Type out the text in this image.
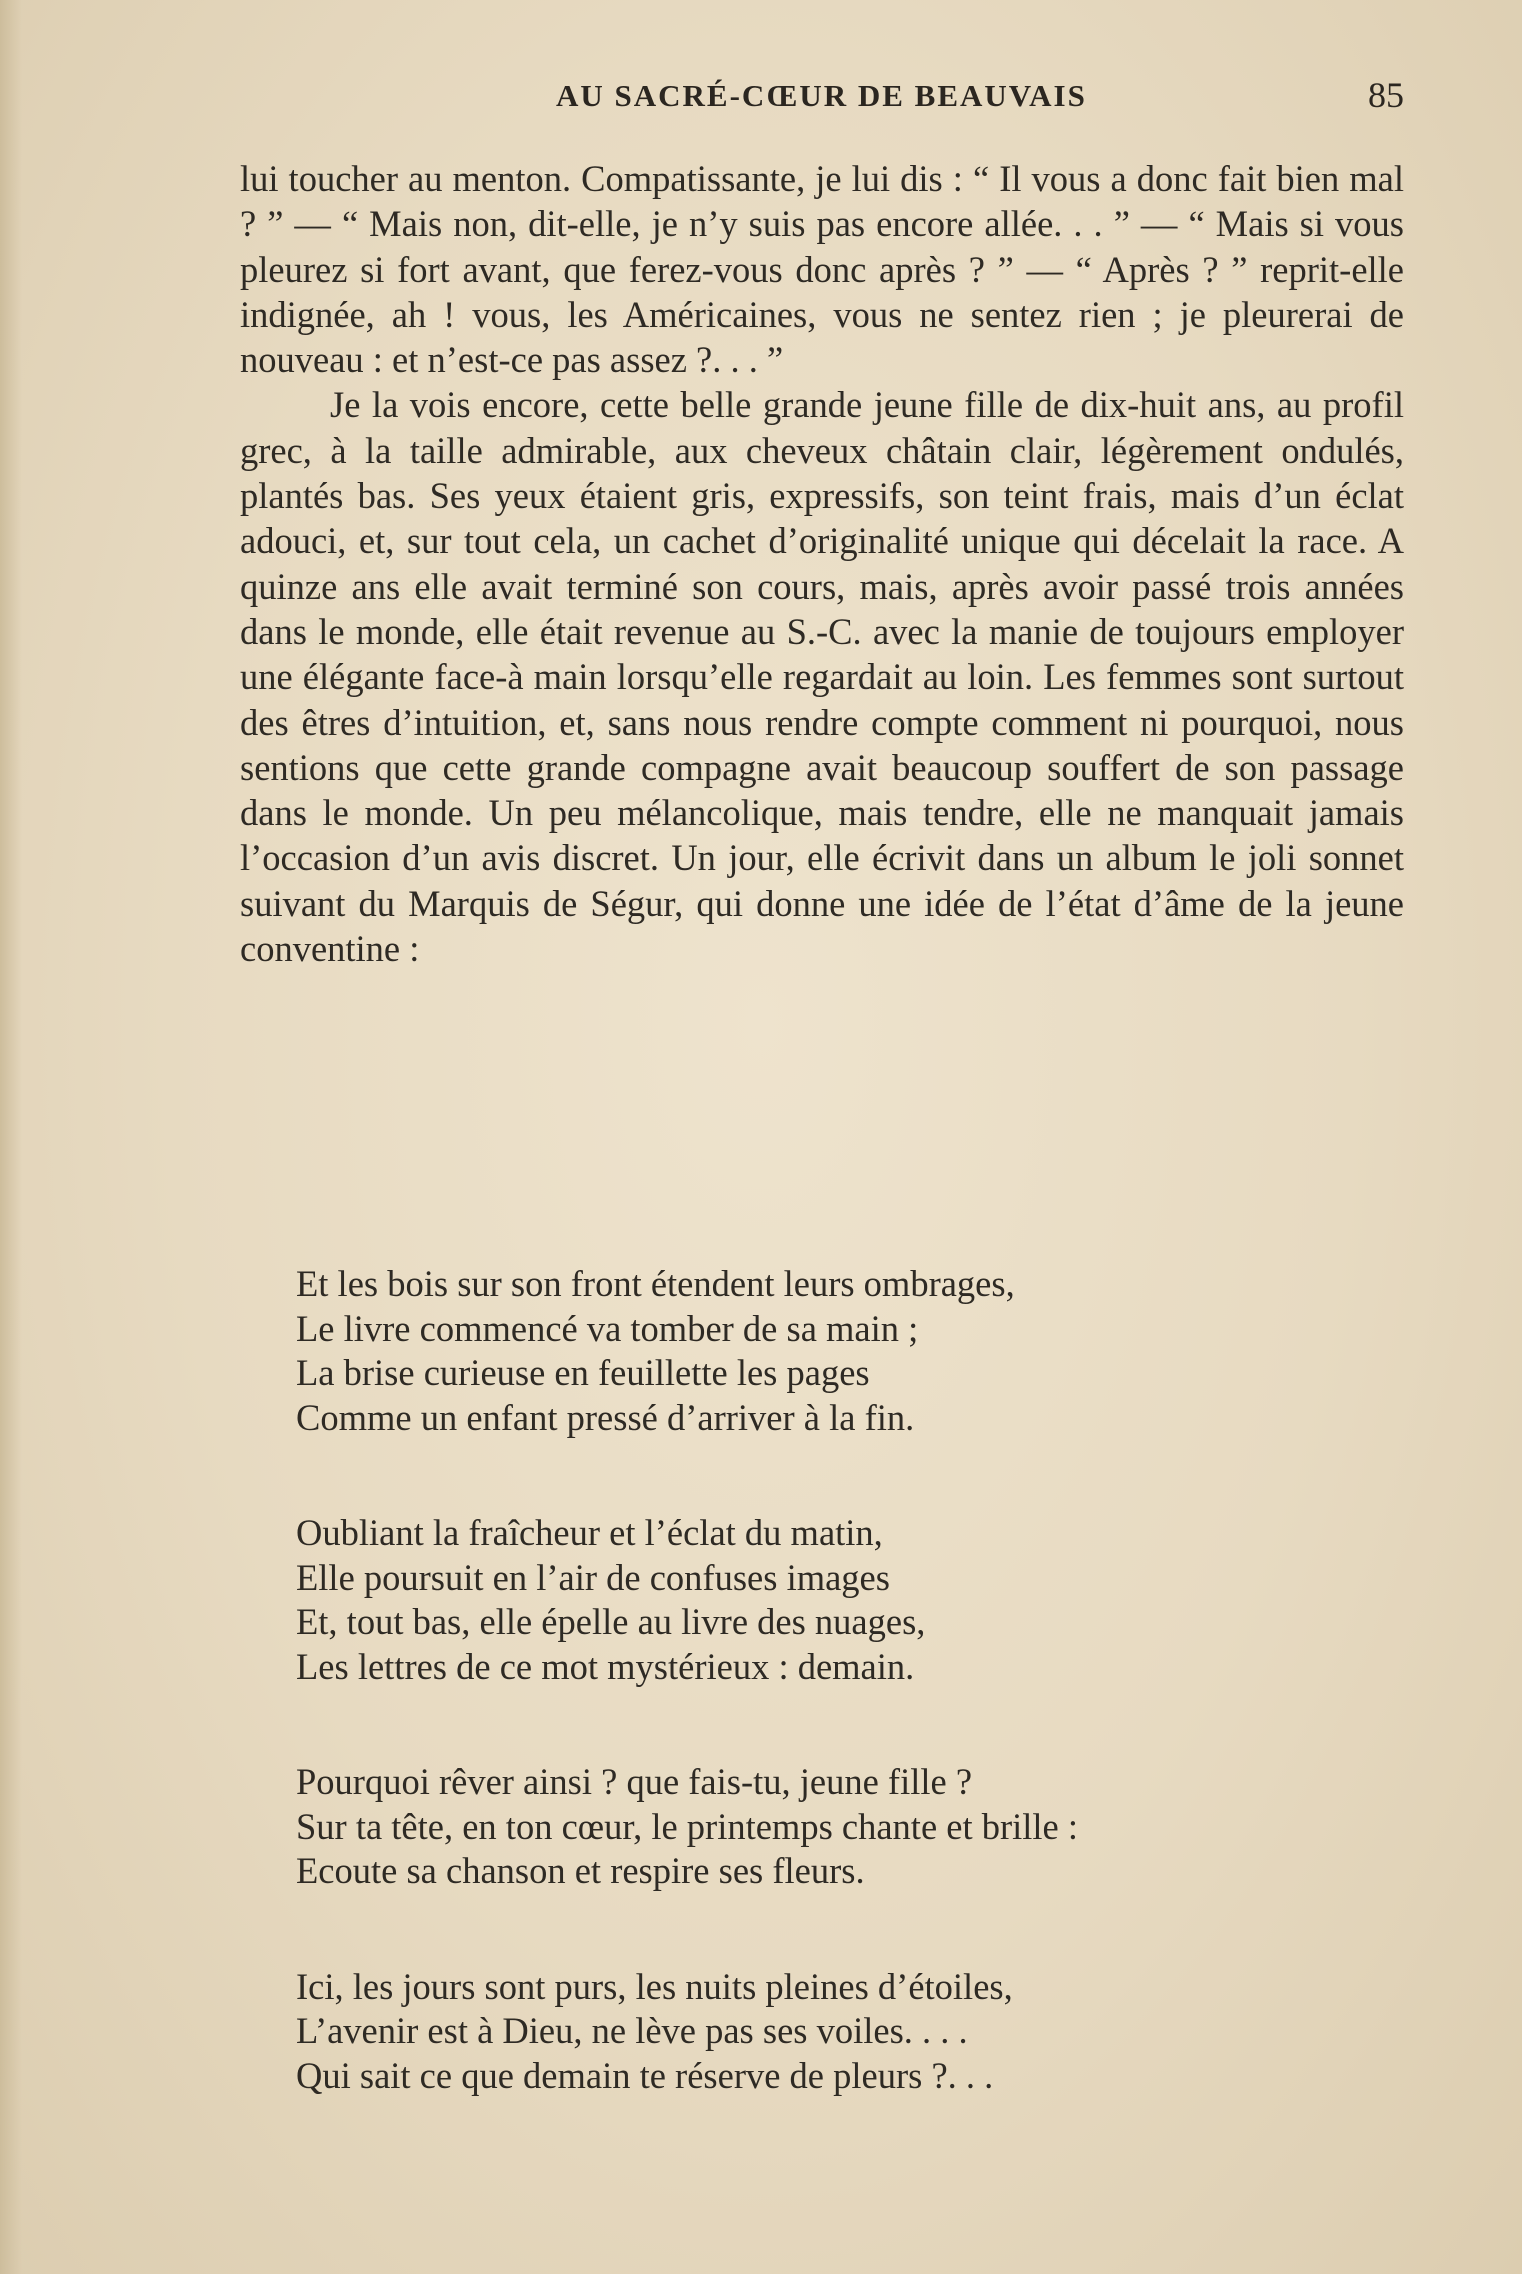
AU SACRÉ-CŒUR DE BEAUVAIS	85

lui toucher au menton. Compatissante, je lui dis : “ Il vous a donc fait bien mal ? ” — “ Mais non, dit-elle, je n’y suis pas encore allée. . . ” — “ Mais si vous pleurez si fort avant, que ferez-vous donc après ? ” — “ Après ? ” reprit-elle indignée, ah ! vous, les Américaines, vous ne sentez rien ; je pleurerai de nouveau : et n’est-ce pas assez ?. . . ”

Je la vois encore, cette belle grande jeune fille de dix-huit ans, au profil grec, à la taille admirable, aux cheveux châtain clair, légèrement ondulés, plantés bas. Ses yeux étaient gris, expressifs, son teint frais, mais d’un éclat adouci, et, sur tout cela, un cachet d’originalité unique qui décelait la race. A quinze ans elle avait terminé son cours, mais, après avoir passé trois années dans le monde, elle était revenue au S.-C. avec la manie de toujours employer une élégante face-à main lorsqu’elle regardait au loin. Les femmes sont surtout des êtres d’intuition, et, sans nous rendre compte comment ni pourquoi, nous sentions que cette grande compagne avait beaucoup souffert de son passage dans le monde. Un peu mélancolique, mais tendre, elle ne manquait jamais l’occasion d’un avis discret. Un jour, elle écrivit dans un album le joli sonnet suivant du Marquis de Ségur, qui donne une idée de l’état d’âme de la jeune conventine :

Et les bois sur son front étendent leurs ombrages,
Le livre commencé va tomber de sa main ;
La brise curieuse en feuillette les pages
Comme un enfant pressé d’arriver à la fin.
Oubliant la fraîcheur et l’éclat du matin,
Elle poursuit en l’air de confuses images
Et, tout bas, elle épelle au livre des nuages,
Les lettres de ce mot mystérieux : demain.
Pourquoi rêver ainsi ? que fais-tu, jeune fille ?
Sur ta tête, en ton cœur, le printemps chante et brille :
Ecoute sa chanson et respire ses fleurs.
Ici, les jours sont purs, les nuits pleines d’étoiles,
L’avenir est à Dieu, ne lève pas ses voiles. . . .
Qui sait ce que demain te réserve de pleurs ?. . .
